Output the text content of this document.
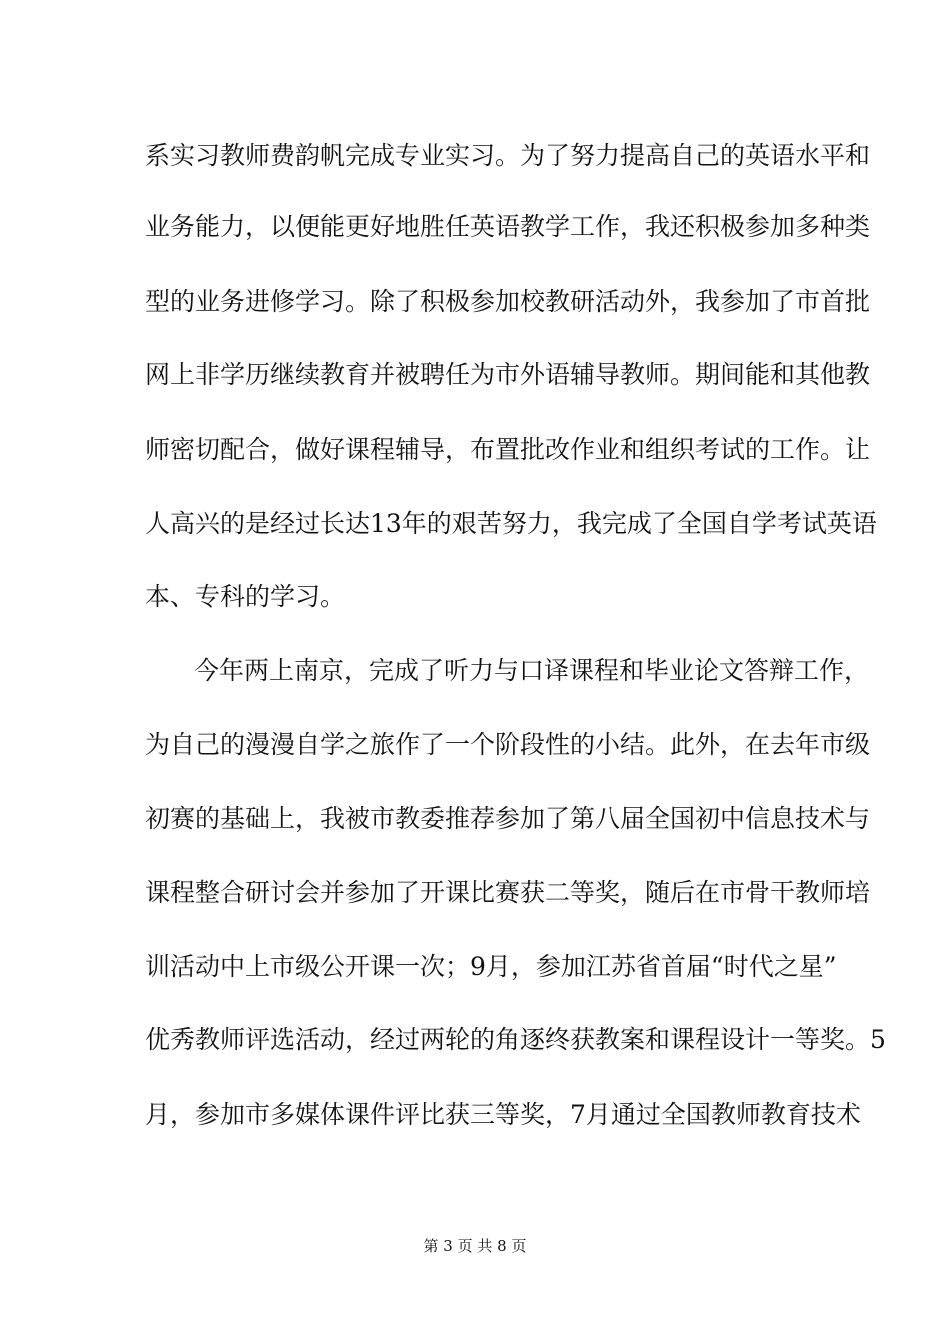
系实习教师费韵帆完成专业实习。为了努力提高自己的英语水平和
业务能力，以便能更好地胜任英语教学工作，我还积极参加多种类
型的业务进修学习。除了积极参加校教研活动外，我参加了市首批
网上非学历继续教育并被聘任为市外语辅导教师。期间能和其他教
师密切配合，做好课程辅导，布置批改作业和组织考试的工作。让
人高兴的是经过长达13年的艰苦努力，我完成了全国自学考试英语
本、专科的学习。
今年两上南京，完成了听力与口译课程和毕业论文答辩工作，
为自己的漫漫自学之旅作了一个阶段性的小结。此外，在去年市级
初赛的基础上，我被市教委推荐参加了第八届全国初中信息技术与
课程整合研讨会并参加了开课比赛获二等奖，随后在市骨干教师培
训活动中上市级公开课一次；9月，参加江苏省首届“时代之星”
优秀教师评选活动，经过两轮的角逐终获教案和课程设计一等奖。5
月，参加市多媒体课件评比获三等奖，7月通过全国教师教育技术
第 3 页 共 8 页
